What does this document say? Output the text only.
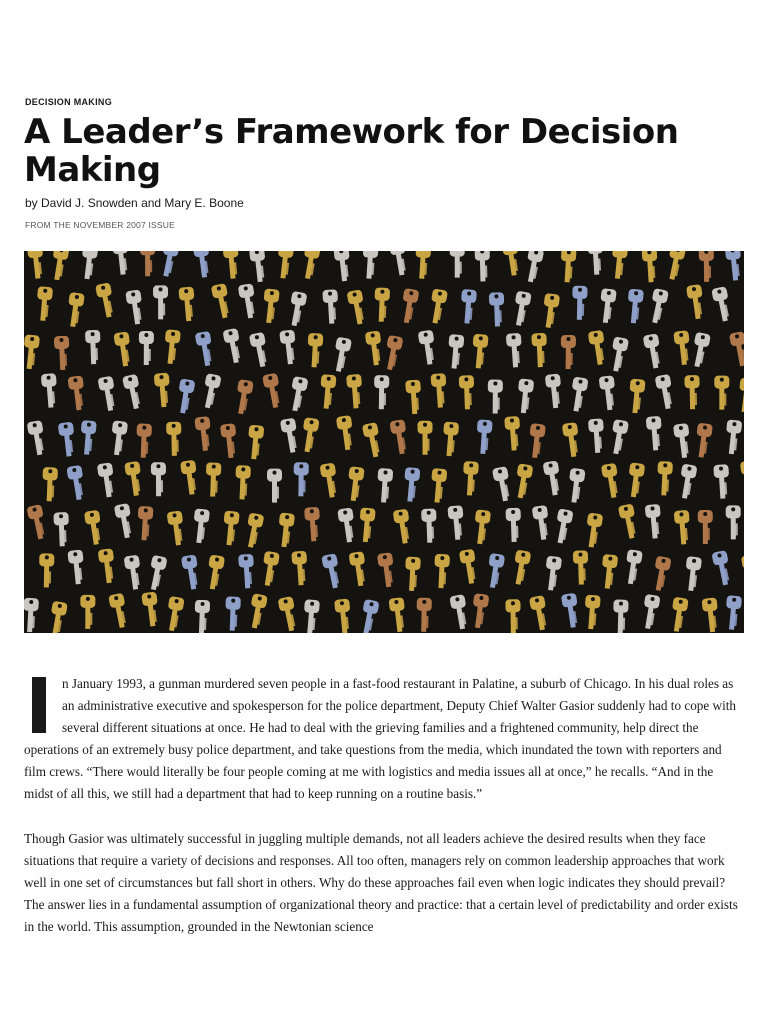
DECISION MAKING
A Leader’s Framework for Decision Making
by David J. Snowden and Mary E. Boone
FROM THE NOVEMBER 2007 ISSUE

n January 1993, a gunman murdered seven people in a fast-food restaurant in Palatine, a suburb of Chicago. In his dual roles as an administrative executive and spokesperson for the police department, Deputy Chief Walter Gasior suddenly had to cope with several different situations at once. He had to deal with the grieving families and a frightened community, help direct the operations of an extremely busy police department, and take questions from the media, which inundated the town with reporters and film crews. “There would literally be four people coming at me with logistics and media issues all at once,” he recalls. “And in the midst of all this, we still had a department that had to keep running on a routine basis.”

Though Gasior was ultimately successful in juggling multiple demands, not all leaders achieve the desired results when they face situations that require a variety of decisions and responses. All too often, managers rely on common leadership approaches that work well in one set of circumstances but fall short in others. Why do these approaches fail even when logic indicates they should prevail? The answer lies in a fundamental assumption of organizational theory and practice: that a certain level of predictability and order exists in the world. This assumption, grounded in the Newtonian science
